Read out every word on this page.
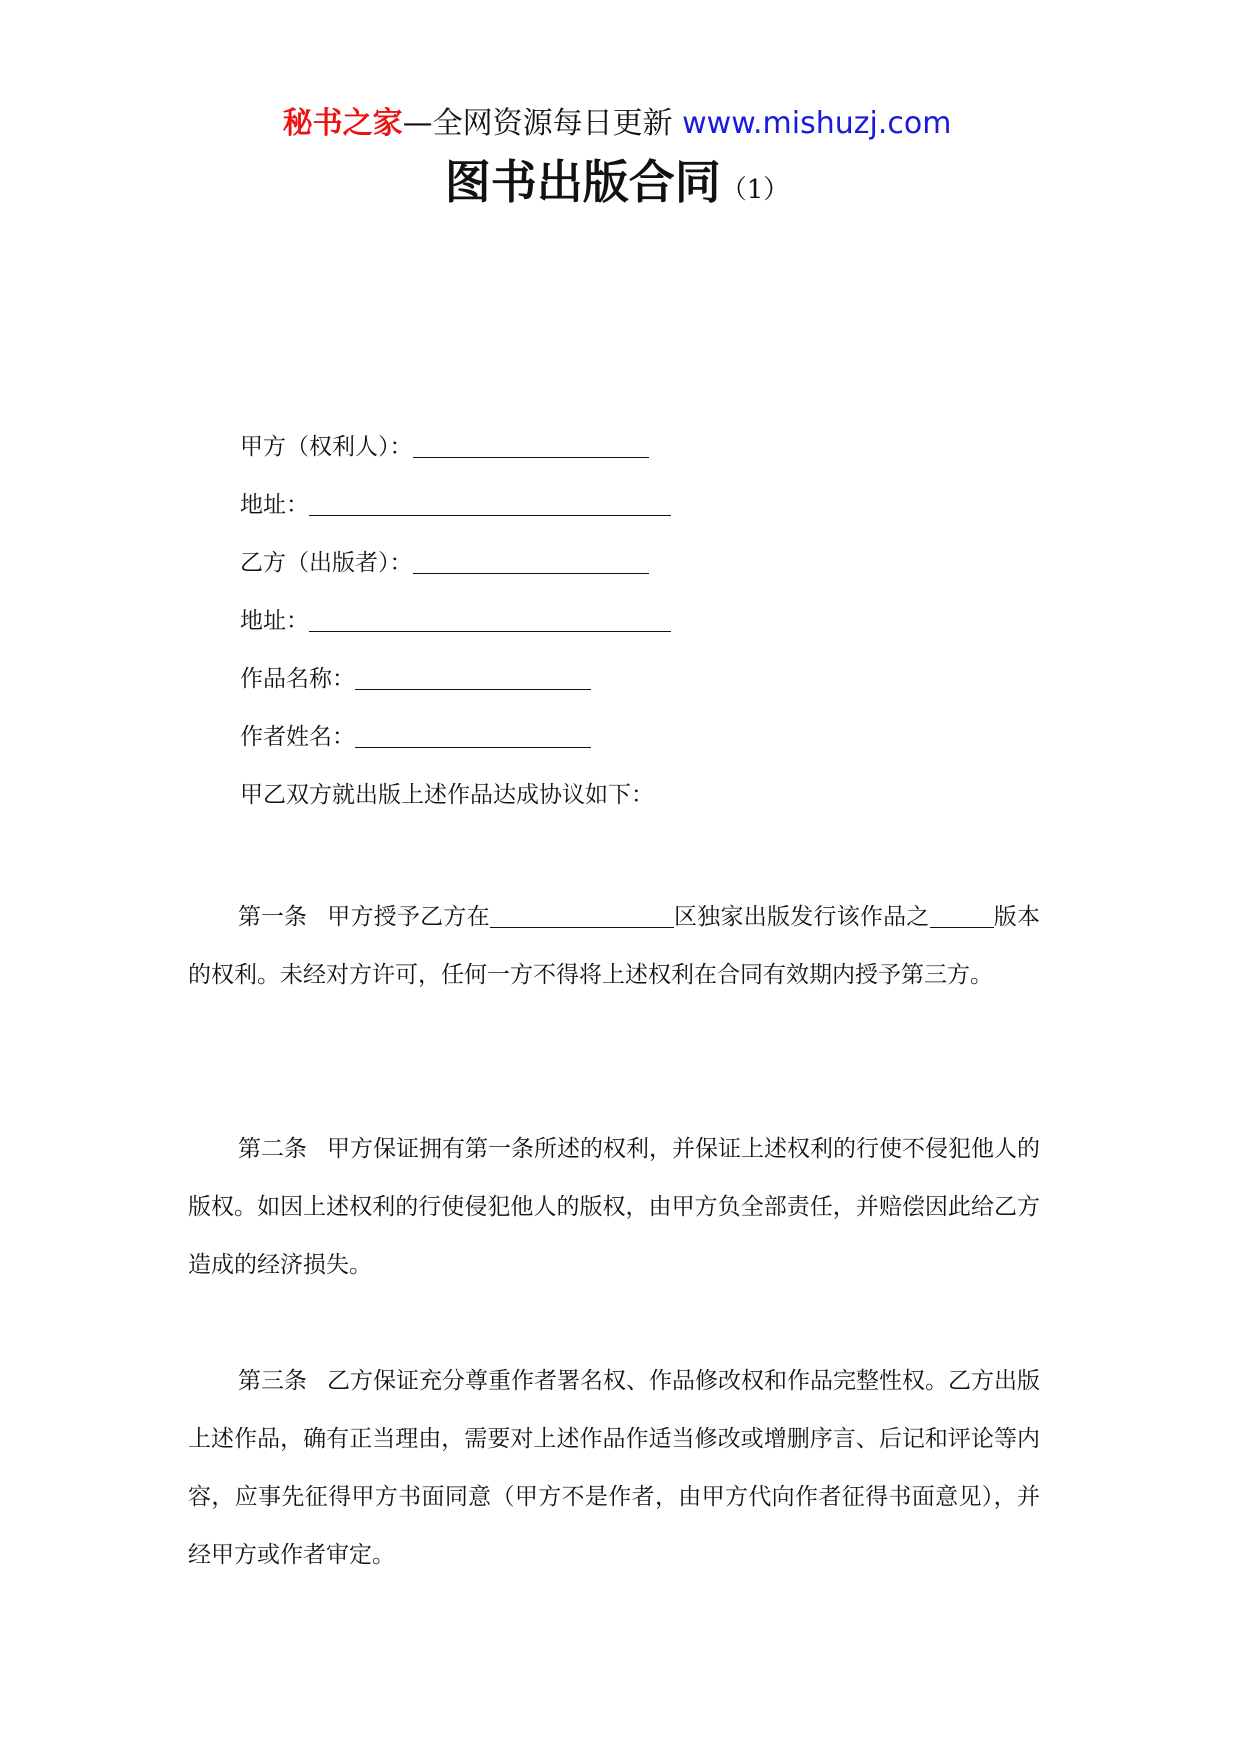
秘书之家—全网资源每日更新 www.mishuzj.com
图书出版合同（1）
甲方（权利人）：
地址：
乙方（出版者）：
地址：
作品名称：
作者姓名：
甲乙双方就出版上述作品达成协议如下：
第一条 甲方授予乙方在	区独家出版发行该作品之	版本的权利。未经对方许可，任何一方不得将上述权利在合同有效期内授予第三方。
第二条 甲方保证拥有第一条所述的权利，并保证上述权利的行使不侵犯他人的版权。如因上述权利的行使侵犯他人的版权，由甲方负全部责任，并赔偿因此给乙方造成的经济损失。
第三条 乙方保证充分尊重作者署名权、作品修改权和作品完整性权。乙方出版上述作品，确有正当理由，需要对上述作品作适当修改或增删序言、后记和评论等内容，应事先征得甲方书面同意（甲方不是作者，由甲方代向作者征得书面意见），并经甲方或作者审定。
